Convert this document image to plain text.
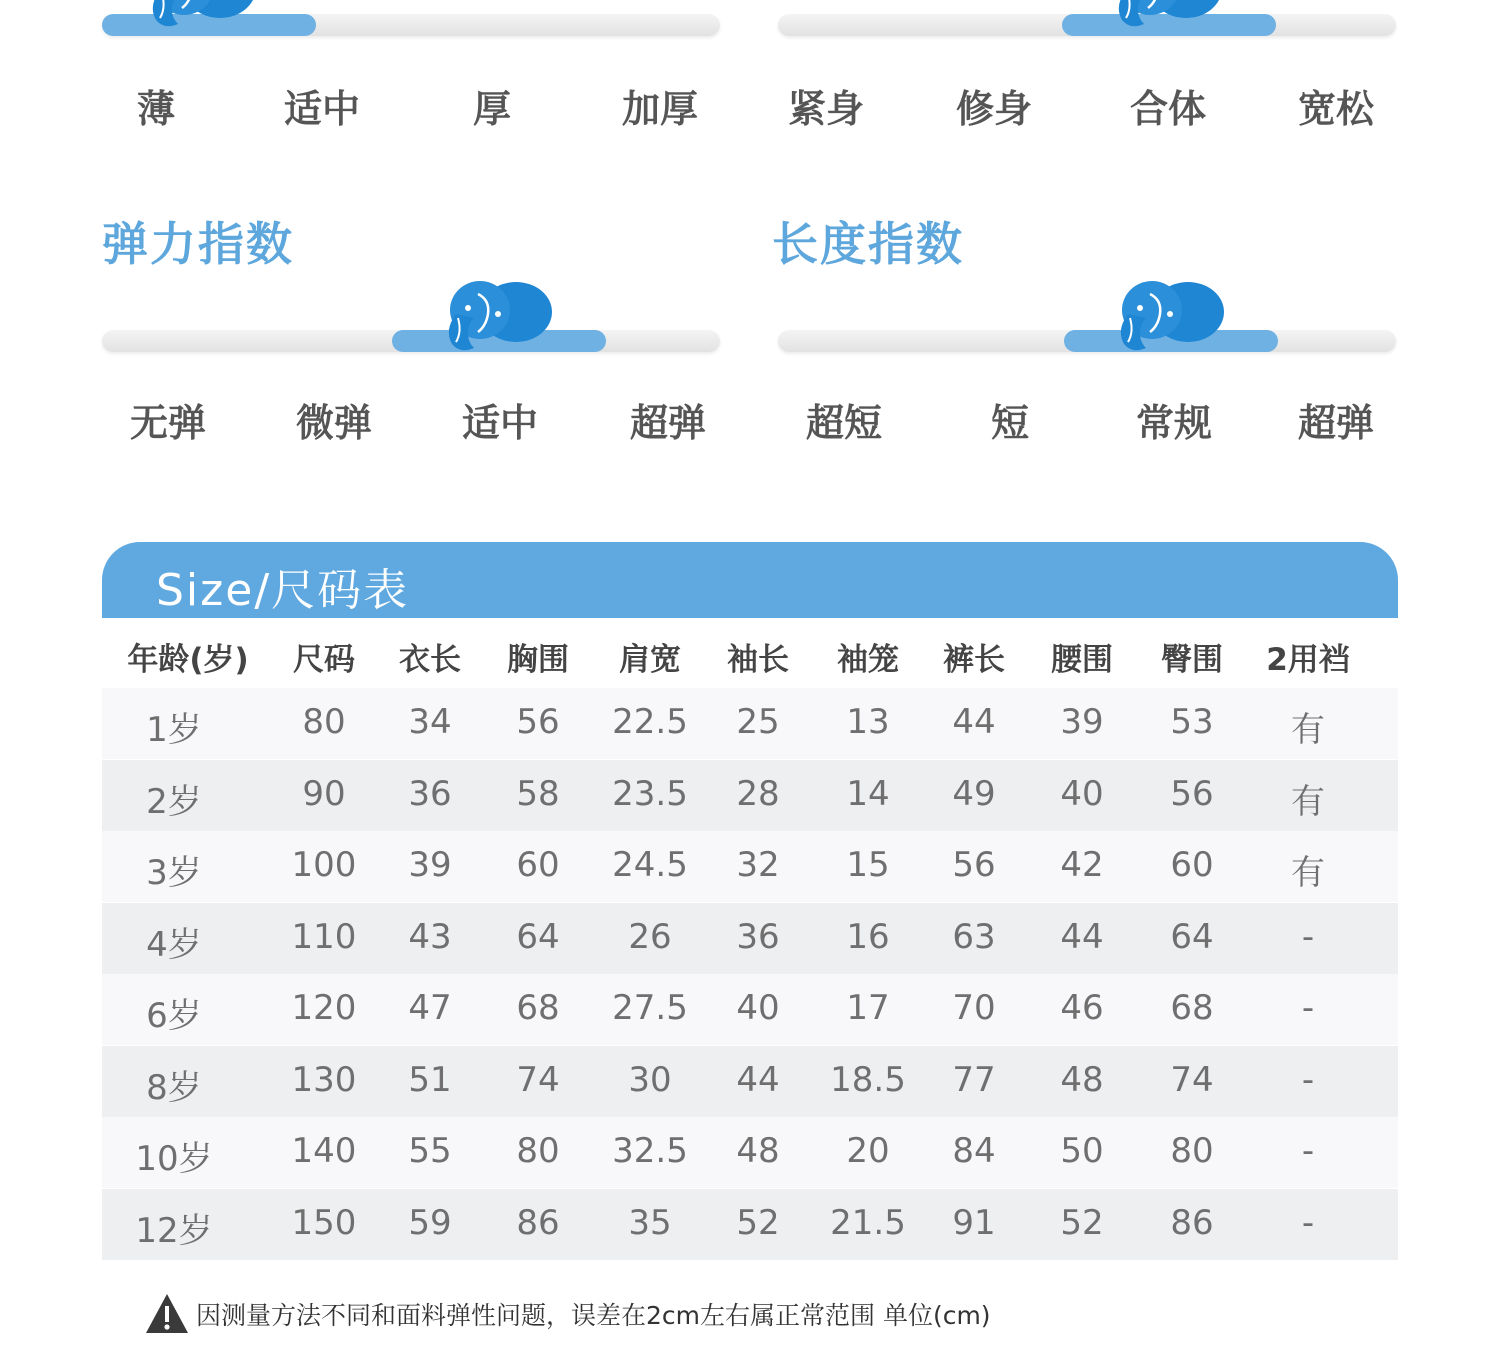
薄	适中	厚	加厚 紧身 修身	合体 宽松
弹力指数
无弹 微弹 适中 超弹
长度指数
超短	短	常规 超弹
Size/尺码表
年龄(岁) 尺码 衣长 胸围 肩宽 袖长 袖笼 裤长 腰围 臀围 2用裆
1岁	80 34 56 22.5 25 13 44 39 53 有
2岁	90 36 58 23.5 28 14 49 40 56 有
3岁	100 39 60 24.5 32 15 56 42 60 有
4岁	110 43 64 26 36 16 63 44 64	-
6岁	120 47 68 27.5 40 17 70 46 68	-
8岁	130 51 74 30 44 18.5 77 48 74	-
10岁 140 55 80 32.5 48 20 84 50 80	-
12岁 150 59 86 35 52 21.5 91 52 86	-
因测量方法不同和面料弹性问题，误差在2cm左右属正常范围 单位(cm)
